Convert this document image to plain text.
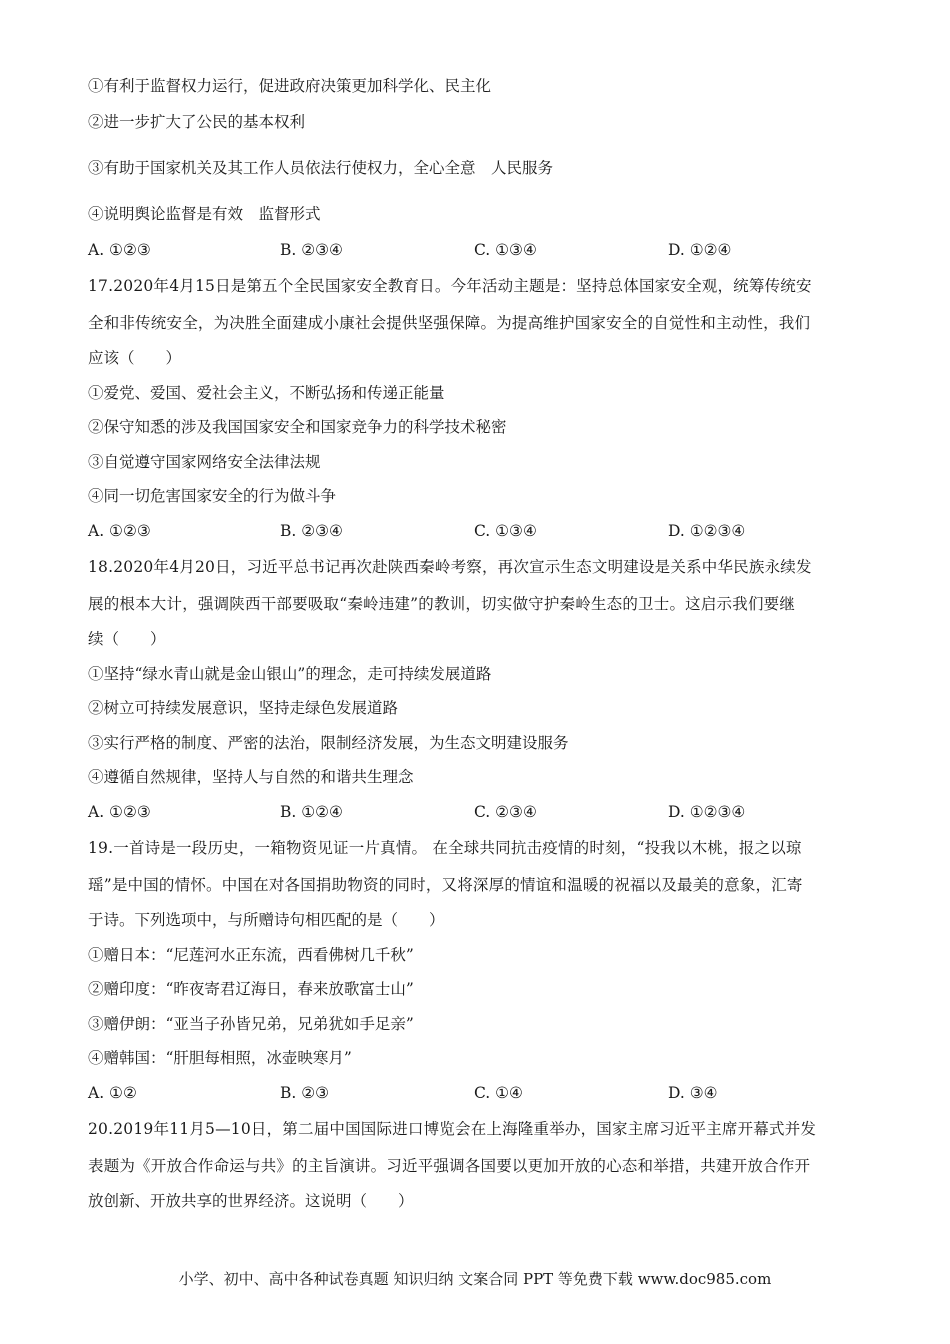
①有利于监督权力运行，促进政府决策更加科学化、民主化
②进一步扩大了公民的基本权利
③有助于国家机关及其工作人员依法行使权力，全心全意　人民服务
④说明舆论监督是有效　监督形式
A. ①②③	B. ②③④	C. ①③④	D. ①②④
17.2020年4月15日是第五个全民国家安全教育日。今年活动主题是：坚持总体国家安全观，统筹传统安
全和非传统安全，为决胜全面建成小康社会提供坚强保障。为提高维护国家安全的自觉性和主动性，我们
应该（　　）
①爱党、爱国、爱社会主义，不断弘扬和传递正能量
②保守知悉的涉及我国国家安全和国家竞争力的科学技术秘密
③自觉遵守国家网络安全法律法规
④同一切危害国家安全的行为做斗争
A. ①②③	B. ②③④	C. ①③④	D. ①②③④
18.2020年4月20日，习近平总书记再次赴陕西秦岭考察，再次宣示生态文明建设是关系中华民族永续发
展的根本大计，强调陕西干部要吸取“秦岭违建”的教训，切实做守护秦岭生态的卫士。这启示我们要继
续（　　）
①坚持“绿水青山就是金山银山”的理念，走可持续发展道路
②树立可持续发展意识，坚持走绿色发展道路
③实行严格的制度、严密的法治，限制经济发展，为生态文明建设服务
④遵循自然规律，坚持人与自然的和谐共生理念
A. ①②③	B. ①②④	C. ②③④	D. ①②③④
19.一首诗是一段历史，一箱物资见证一片真情。 在全球共同抗击疫情的时刻，“投我以木桃，报之以琼
瑶”是中国的情怀。中国在对各国捐助物资的同时，又将深厚的情谊和温暖的祝福以及最美的意象，汇寄
于诗。下列选项中，与所赠诗句相匹配的是（　　）
①赠日本：“尼莲河水正东流，西看佛树几千秋”
②赠印度：“昨夜寄君辽海日，春来放歌富士山”
③赠伊朗：“亚当子孙皆兄弟，兄弟犹如手足亲”
④赠韩国：“肝胆每相照，冰壶映寒月”
A. ①②	B. ②③	C. ①④	D. ③④
20.2019年11月5—10日，第二届中国国际进口博览会在上海隆重举办，国家主席习近平主席开幕式并发
表题为《开放合作命运与共》的主旨演讲。习近平强调各国要以更加开放的心态和举措，共建开放合作开
放创新、开放共享的世界经济。这说明（　　）
小学、初中、高中各种试卷真题 知识归纳 文案合同 PPT 等免费下载 www.doc985.com
